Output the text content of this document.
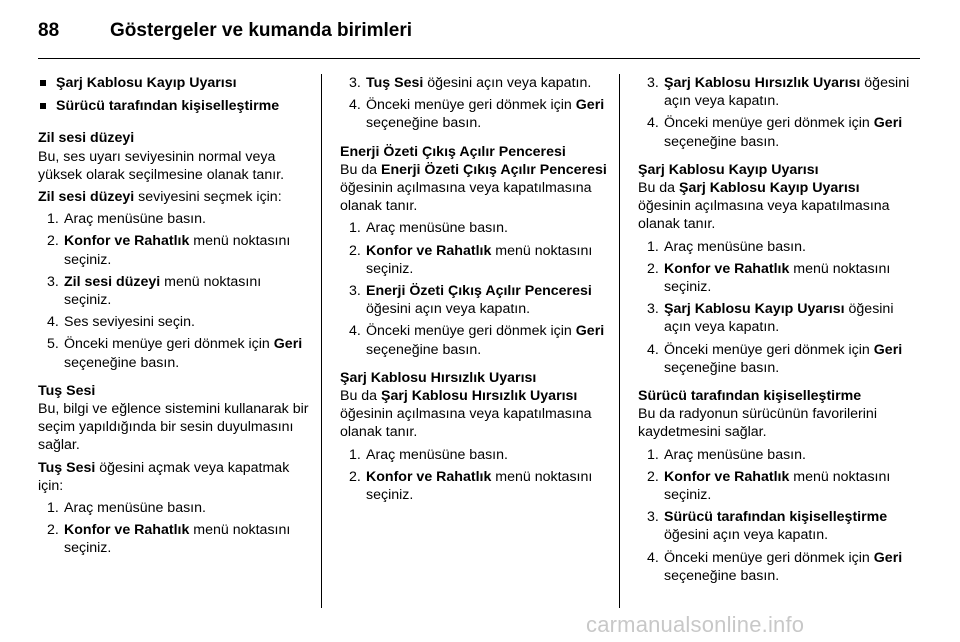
88	Göstergeler ve kumanda birimleri
Şarj Kablosu Kayıp Uyarısı
Sürücü tarafından kişiselleştirme

Zil sesi düzeyi

Bu, ses uyarı seviyesinin normal veya yüksek olarak seçilmesine olanak tanır.

Zil sesi düzeyi seviyesini seçmek için:

1. Araç menüsüne basın.
2. Konfor ve Rahatlık menü noktasını seçiniz.
3. Zil sesi düzeyi menü noktasını seçiniz.
4. Ses seviyesini seçin.
5. Önceki menüye geri dönmek için Geri seçeneğine basın.

Tuş Sesi

Bu, bilgi ve eğlence sistemini kullanarak bir seçim yapıldığında bir sesin duyulmasını sağlar.

Tuş Sesi öğesini açmak veya kapatmak için:

1. Araç menüsüne basın.
2. Konfor ve Rahatlık menü noktasını seçiniz.
3. Tuş Sesi öğesini açın veya kapatın.
4. Önceki menüye geri dönmek için Geri seçeneğine basın.

Enerji Özeti Çıkış Açılır Penceresi

Bu da Enerji Özeti Çıkış Açılır Penceresi öğesinin açılmasına veya kapatılmasına olanak tanır.

1. Araç menüsüne basın.
2. Konfor ve Rahatlık menü noktasını seçiniz.
3. Enerji Özeti Çıkış Açılır Penceresi öğesini açın veya kapatın.
4. Önceki menüye geri dönmek için Geri seçeneğine basın.

Şarj Kablosu Hırsızlık Uyarısı

Bu da Şarj Kablosu Hırsızlık Uyarısı öğesinin açılmasına veya kapatılmasına olanak tanır.

1. Araç menüsüne basın.
2. Konfor ve Rahatlık menü noktasını seçiniz.
3. Şarj Kablosu Hırsızlık Uyarısı öğesini açın veya kapatın.
4. Önceki menüye geri dönmek için Geri seçeneğine basın.

Şarj Kablosu Kayıp Uyarısı

Bu da Şarj Kablosu Kayıp Uyarısı öğesinin açılmasına veya kapatılmasına olanak tanır.

1. Araç menüsüne basın.
2. Konfor ve Rahatlık menü noktasını seçiniz.
3. Şarj Kablosu Kayıp Uyarısı öğesini açın veya kapatın.
4. Önceki menüye geri dönmek için Geri seçeneğine basın.

Sürücü tarafından kişiselleştirme

Bu da radyonun sürücünün favorilerini kaydetmesini sağlar.

1. Araç menüsüne basın.
2. Konfor ve Rahatlık menü noktasını seçiniz.
3. Sürücü tarafından kişiselleştirme öğesini açın veya kapatın.
4. Önceki menüye geri dönmek için Geri seçeneğine basın.
carmanualsonline.info
